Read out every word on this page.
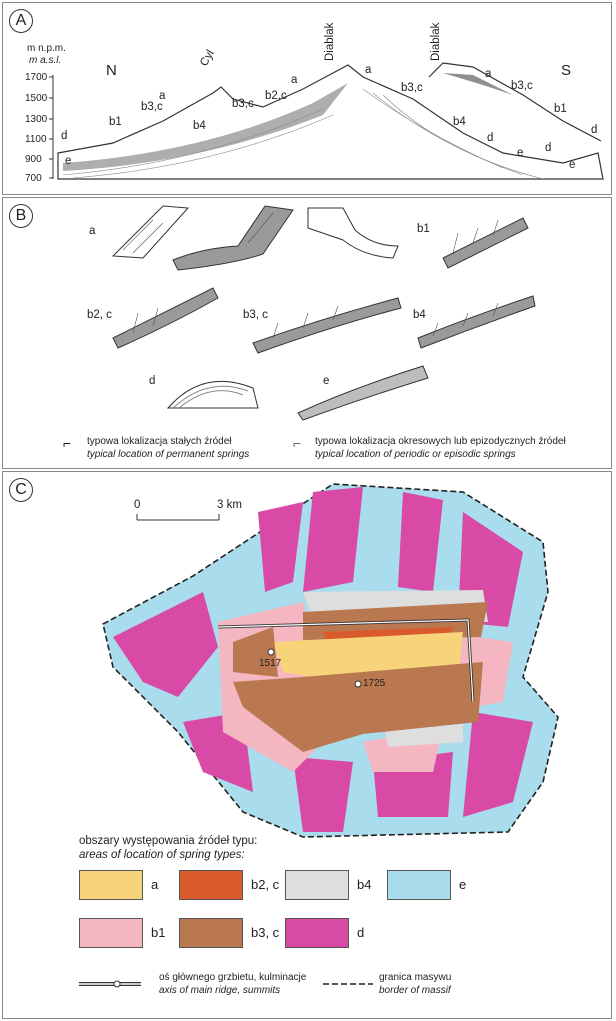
A
m n.p.m.
m a.s.l.
1700
1500
1300
1100
900
700
N	S
Cyl	Diablak	Diablak
a
b3,c
b1
d
e
b4
b3,c
b2,c
a
a
b3,c
b4
d
e d
e
a
b3,c
b1
d
B
a	b1
b2, c	b3, c	b4
d	e
⌐ typowa lokalizacja stałych źródeł
typical location of permanent springs
⌐ typowa lokalizacja okresowych lub epizodycznych źródeł
typical location of periodic or episodic springs
C
0	3 km
1517
1725
obszary występowania źródeł typu:
areas of location of spring types:
a	b2, c	b4	e
b1	b3, c	d
oś głównego grzbietu, kulminacje
axis of main ridge, summits
granica masywu
border of massif
